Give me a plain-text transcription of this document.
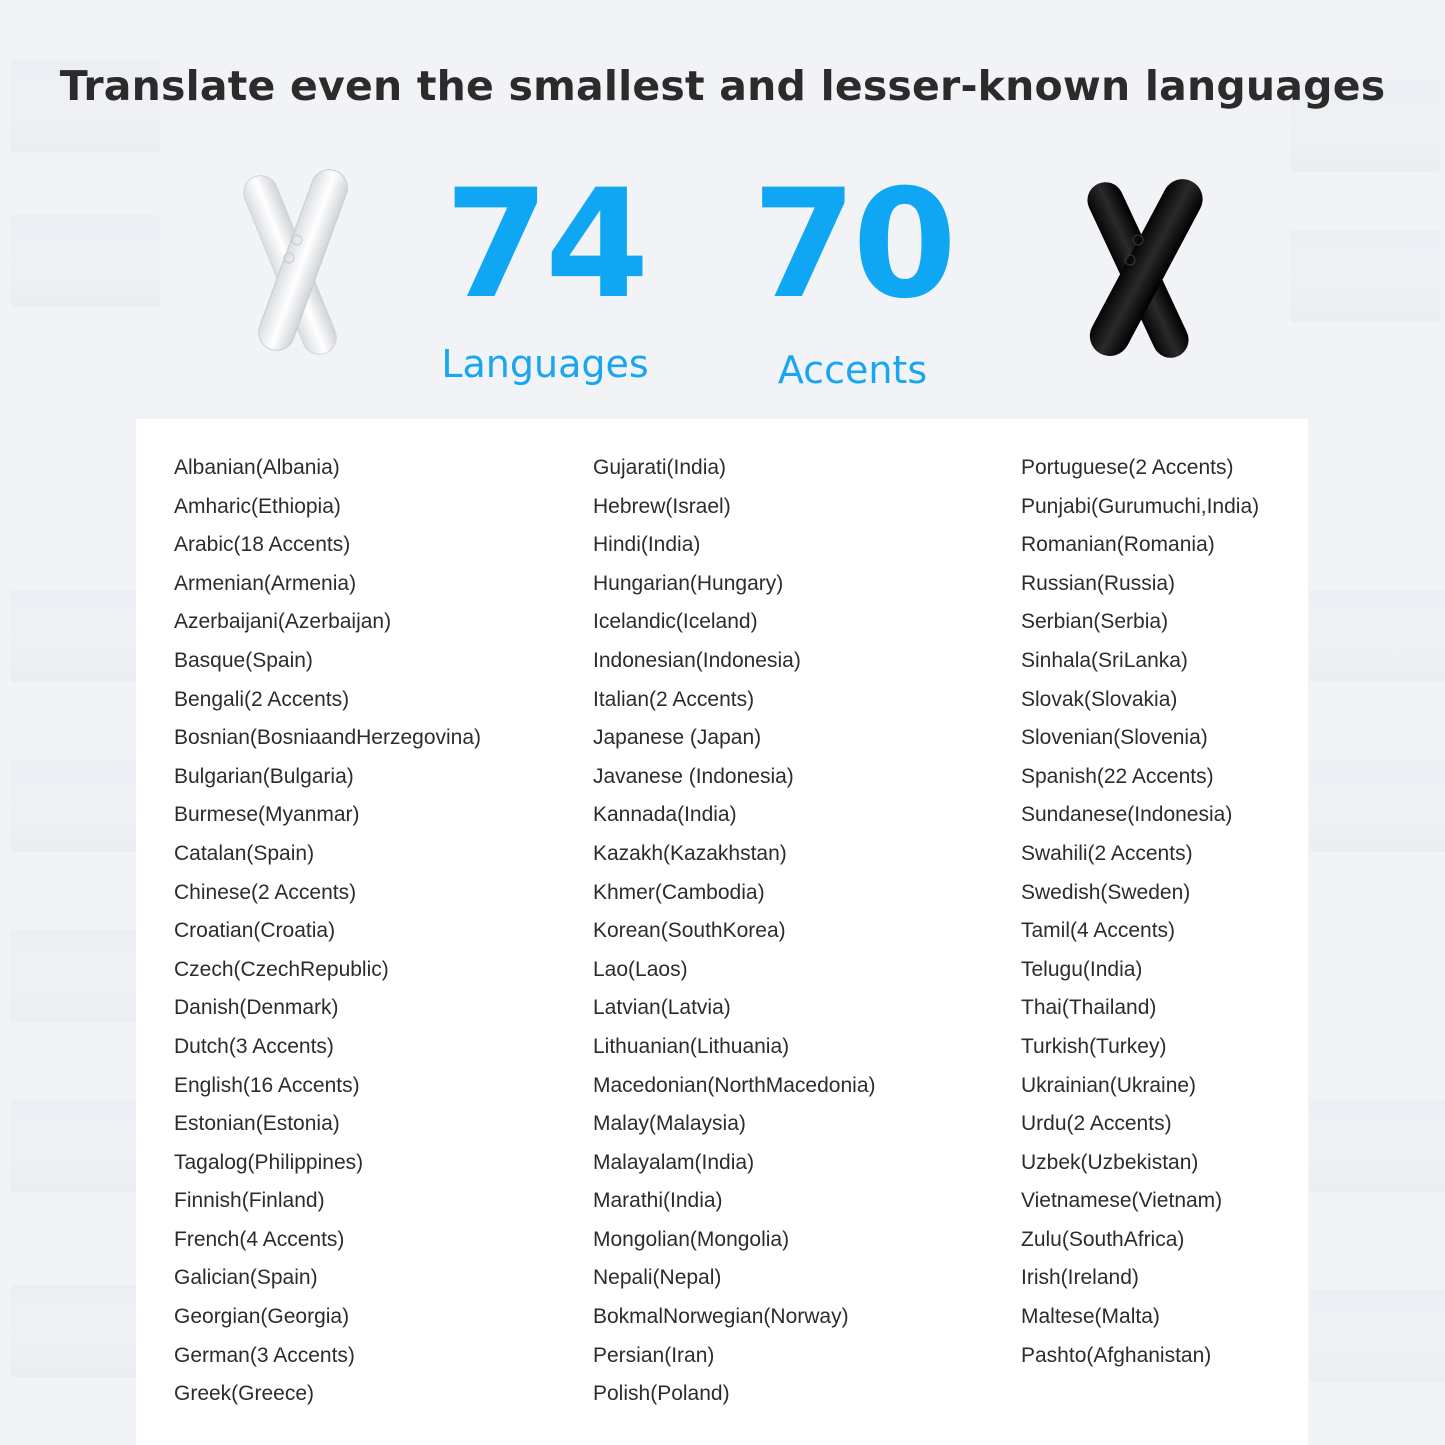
Translate even the smallest and lesser-known languages
74
Languages
70
Accents
Albanian(Albania)
Amharic(Ethiopia)
Arabic(18 Accents)
Armenian(Armenia)
Azerbaijani(Azerbaijan)
Basque(Spain)
Bengali(2 Accents)
Bosnian(BosniaandHerzegovina)
Bulgarian(Bulgaria)
Burmese(Myanmar)
Catalan(Spain)
Chinese(2 Accents)
Croatian(Croatia)
Czech(CzechRepublic)
Danish(Denmark)
Dutch(3 Accents)
English(16 Accents)
Estonian(Estonia)
Tagalog(Philippines)
Finnish(Finland)
French(4 Accents)
Galician(Spain)
Georgian(Georgia)
German(3 Accents)
Greek(Greece)
Gujarati(India)
Hebrew(Israel)
Hindi(India)
Hungarian(Hungary)
Icelandic(Iceland)
Indonesian(Indonesia)
Italian(2 Accents)
Japanese (Japan)
Javanese (Indonesia)
Kannada(India)
Kazakh(Kazakhstan)
Khmer(Cambodia)
Korean(SouthKorea)
Lao(Laos)
Latvian(Latvia)
Lithuanian(Lithuania)
Macedonian(NorthMacedonia)
Malay(Malaysia)
Malayalam(India)
Marathi(India)
Mongolian(Mongolia)
Nepali(Nepal)
BokmalNorwegian(Norway)
Persian(Iran)
Polish(Poland)
Portuguese(2 Accents)
Punjabi(Gurumuchi,India)
Romanian(Romania)
Russian(Russia)
Serbian(Serbia)
Sinhala(SriLanka)
Slovak(Slovakia)
Slovenian(Slovenia)
Spanish(22 Accents)
Sundanese(Indonesia)
Swahili(2 Accents)
Swedish(Sweden)
Tamil(4 Accents)
Telugu(India)
Thai(Thailand)
Turkish(Turkey)
Ukrainian(Ukraine)
Urdu(2 Accents)
Uzbek(Uzbekistan)
Vietnamese(Vietnam)
Zulu(SouthAfrica)
Irish(Ireland)
Maltese(Malta)
Pashto(Afghanistan)
